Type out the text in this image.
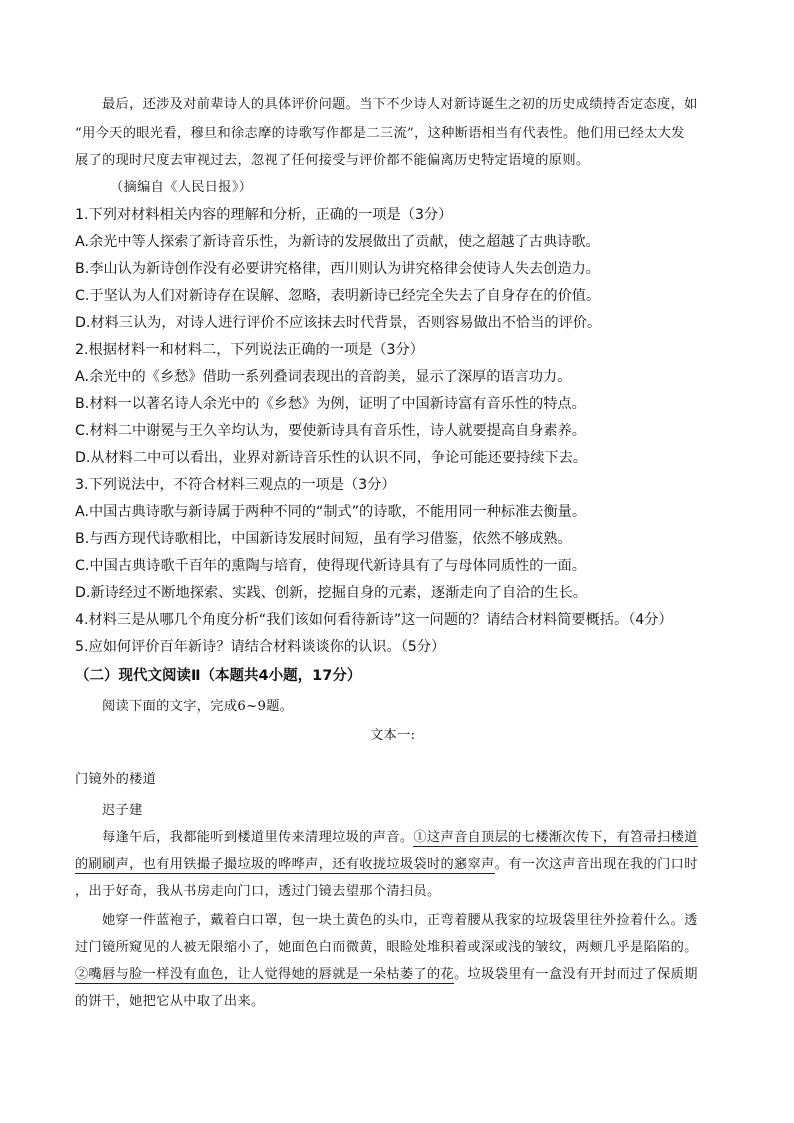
最后，还涉及对前辈诗人的具体评价问题。当下不少诗人对新诗诞生之初的历史成绩持否定态度，如
“用今天的眼光看，穆旦和徐志摩的诗歌写作都是二三流”，这种断语相当有代表性。他们用已经太大发
展了的现时尺度去审视过去，忽视了任何接受与评价都不能偏离历史特定语境的原则。
（摘编自《人民日报》）
1.下列对材料相关内容的理解和分析，正确的一项是（3分）
A.余光中等人探索了新诗音乐性，为新诗的发展做出了贡献，使之超越了古典诗歌。
B.李山认为新诗创作没有必要讲究格律，西川则认为讲究格律会使诗人失去创造力。
C.于坚认为人们对新诗存在误解、忽略，表明新诗已经完全失去了自身存在的价值。
D.材料三认为，对诗人进行评价不应该抹去时代背景，否则容易做出不恰当的评价。
2.根据材料一和材料二，下列说法正确的一项是（3分）
A.余光中的《乡愁》借助一系列叠词表现出的音韵美，显示了深厚的语言功力。
B.材料一以著名诗人余光中的《乡愁》为例，证明了中国新诗富有音乐性的特点。
C.材料二中谢冕与王久辛均认为，要使新诗具有音乐性，诗人就要提高自身素养。
D.从材料二中可以看出，业界对新诗音乐性的认识不同，争论可能还要持续下去。
3.下列说法中，不符合材料三观点的一项是（3分）
A.中国古典诗歌与新诗属于两种不同的“制式”的诗歌，不能用同一种标准去衡量。
B.与西方现代诗歌相比，中国新诗发展时间短，虽有学习借鉴，依然不够成熟。
C.中国古典诗歌千百年的熏陶与培育，使得现代新诗具有了与母体同质性的一面。
D.新诗经过不断地探索、实践、创新，挖掘自身的元素，逐渐走向了自洽的生长。
4.材料三是从哪几个角度分析“我们该如何看待新诗”这一问题的？请结合材料简要概括。（4分）
5.应如何评价百年新诗？请结合材料谈谈你的认识。（5分）
（二）现代文阅读Ⅱ（本题共4小题，17分）
阅读下面的文字，完成6~9题。
文本一:
门镜外的楼道
迟子建
每逢午后，我都能听到楼道里传来清理垃圾的声音。①这声音自顶层的七楼渐次传下，有笤帚扫楼道
的刷刷声，也有用铁撮子撮垃圾的哗哗声，还有收拢垃圾袋时的窸窣声。有一次这声音出现在我的门口时
，出于好奇，我从书房走向门口，透过门镜去望那个清扫员。
她穿一件蓝袍子，戴着白口罩，包一块土黄色的头巾，正弯着腰从我家的垃圾袋里往外捡着什么。透
过门镜所窥见的人被无限缩小了，她面色白而微黄，眼睑处堆积着或深或浅的皱纹，两颊几乎是陷陷的。
②嘴唇与脸一样没有血色，让人觉得她的唇就是一朵枯萎了的花。垃圾袋里有一盒没有开封而过了保质期
的饼干，她把它从中取了出来。
